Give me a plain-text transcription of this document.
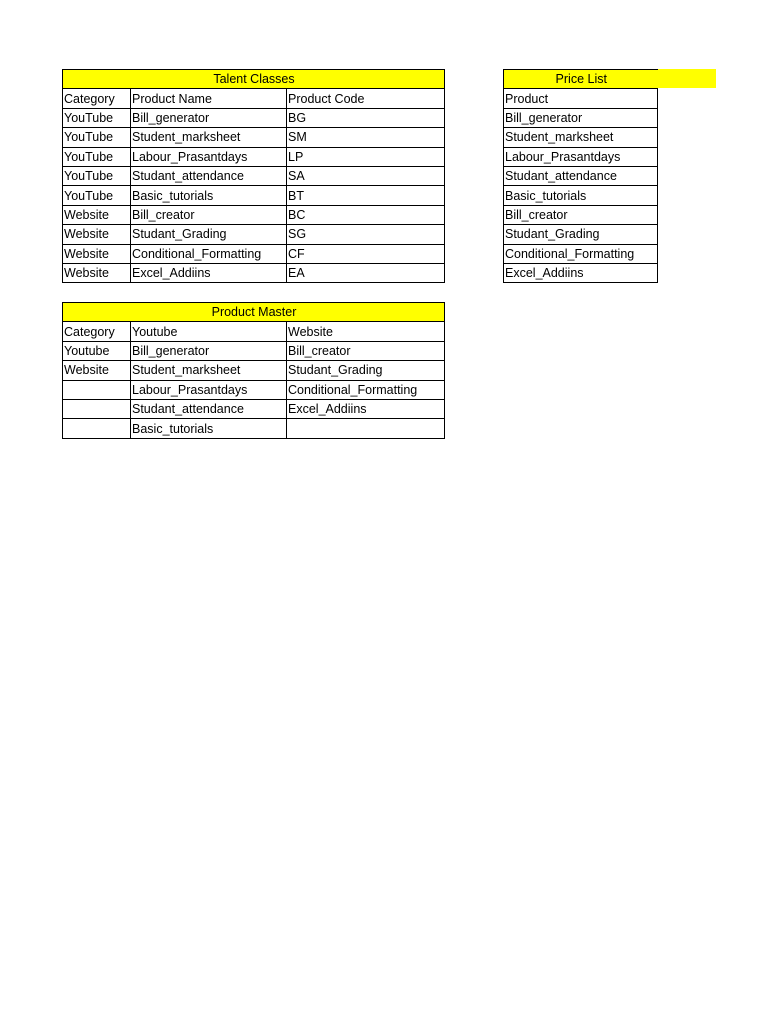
Talent Classes		
Category	Product Name	Product Code
YouTube	Bill_generator	BG
YouTube	Student_marksheet	SM
YouTube	Labour_Prasantdays	LP
YouTube	Studant_attendance	SA
YouTube	Basic_tutorials	BT
Website	Bill_creator	BC
Website	Studant_Grading	SG
Website	Conditional_Formatting	CF
Website	Excel_Addiins	EA
Price List
Product
Bill_generator
Student_marksheet
Labour_Prasantdays
Studant_attendance
Basic_tutorials
Bill_creator
Studant_Grading
Conditional_Formatting
Excel_Addiins
Product Master		
Category	Youtube	Website
Youtube	Bill_generator	Bill_creator
Website	Student_marksheet	Studant_Grading
	Labour_Prasantdays	Conditional_Formatting
	Studant_attendance	Excel_Addiins
	Basic_tutorials	
